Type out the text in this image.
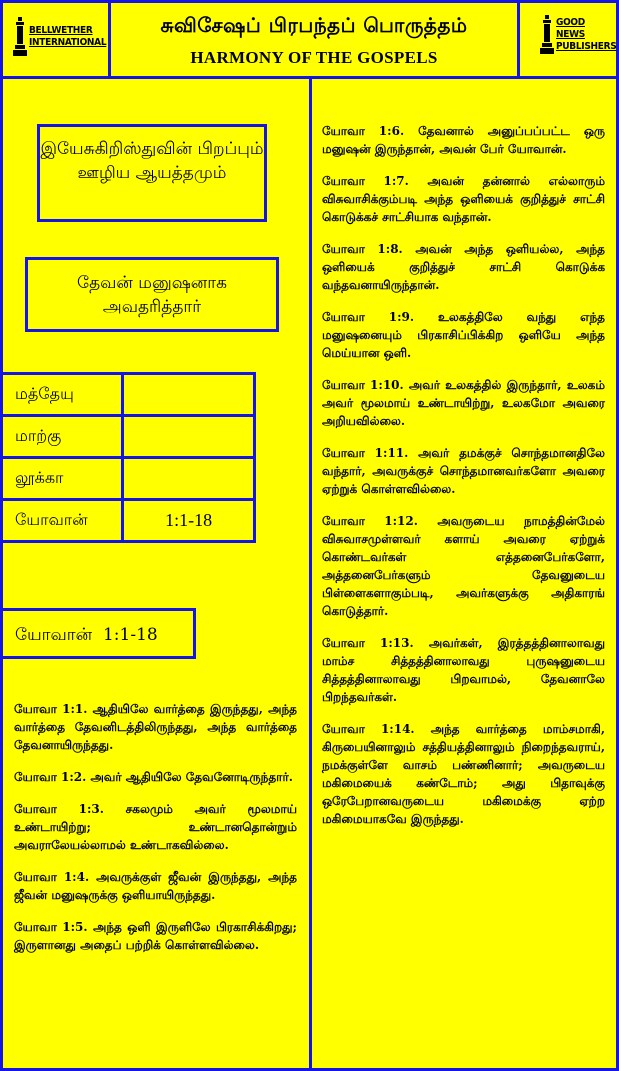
BELLWETHER INTERNATIONAL
சுவிசேஷப் பிரபந்தப் பொருத்தம்
HARMONY OF THE GOSPELS
GOOD NEWS PUBLISHERS
இயேசுகிறிஸ்துவின் பிறப்பும் ஊழிய ஆயத்தமும்
தேவன் மனுஷனாக அவதரித்தார்
மத்தேயு	
மாற்கு	
லூக்கா	
யோவான்	1:1-18
யோவான்  1:1-18

யோவா 1:1. ஆதியிலே வார்த்தை இருந்தது, அந்த வார்த்தை தேவனிடத்திலிருந்தது, அந்த வார்த்தை தேவனாயிருந்தது.

யோவா 1:2. அவர் ஆதியிலே தேவனோடிருந்தார்.

யோவா 1:3. சகலமும் அவர் மூலமாய் உண்டாயிற்று; உண்டானதொன்றும் அவராலேயல்லாமல் உண்டாகவில்லை.

யோவா 1:4. அவருக்குள் ஜீவன் இருந்தது, அந்த ஜீவன் மனுஷருக்கு ஒளியாயிருந்தது.

யோவா 1:5. அந்த ஒளி இருளிலே பிரகாசிக்கிறது; இருளானது அதைப் பற்றிக் கொள்ளவில்லை.

யோவா 1:6. தேவனால் அனுப்பப்பட்ட ஒரு மனுஷன் இருந்தான், அவன் பேர் யோவான்.

யோவா 1:7. அவன் தன்னால் எல்லாரும் விசுவாசிக்கும்படி அந்த ஒளியைக் குறித்துச் சாட்சி கொடுக்கச் சாட்சியாக வந்தான்.

யோவா 1:8. அவன் அந்த ஒளியல்ல, அந்த ஒளியைக் குறித்துச் சாட்சி கொடுக்க வந்தவனாயிருந்தான்.

யோவா 1:9. உலகத்திலே வந்து எந்த மனுஷனையும் பிரகாசிப்பிக்கிற ஒளியே அந்த மெய்யான ஒளி.

யோவா 1:10. அவர் உலகத்தில் இருந்தார், உலகம் அவர் மூலமாய் உண்டாயிற்று, உலகமோ அவரை அறியவில்லை.

யோவா 1:11. அவர் தமக்குச் சொந்தமானதிலே வந்தார், அவருக்குச் சொந்தமானவர்களோ அவரை ஏற்றுக் கொள்ளவில்லை.

யோவா 1:12. அவருடைய நாமத்தின்மேல் விசுவாசமுள்ளவர் களாய் அவரை ஏற்றுக் கொண்டவர்கள் எத்தனைபேர்களோ, அத்தனைபேர்களும் தேவனுடைய பிள்ளைகளாகும்படி, அவர்களுக்கு அதிகாரங் கொடுத்தார்.

யோவா 1:13. அவர்கள், இரத்தத்தினாலாவது மாம்ச சித்தத்தினாலாவது புருஷனுடைய சித்தத்தினாலாவது பிறவாமல், தேவனாலே பிறந்தவர்கள்.

யோவா 1:14. அந்த வார்த்தை மாம்சமாகி, கிருபையினாலும் சத்தியத்தினாலும் நிறைந்தவராய், நமக்குள்ளே வாசம் பண்ணினார்; அவருடைய மகிமையைக் கண்டோம்; அது பிதாவுக்கு ஒரேபேறானவருடைய மகிமைக்கு ஏற்ற மகிமையாகவே இருந்தது.
